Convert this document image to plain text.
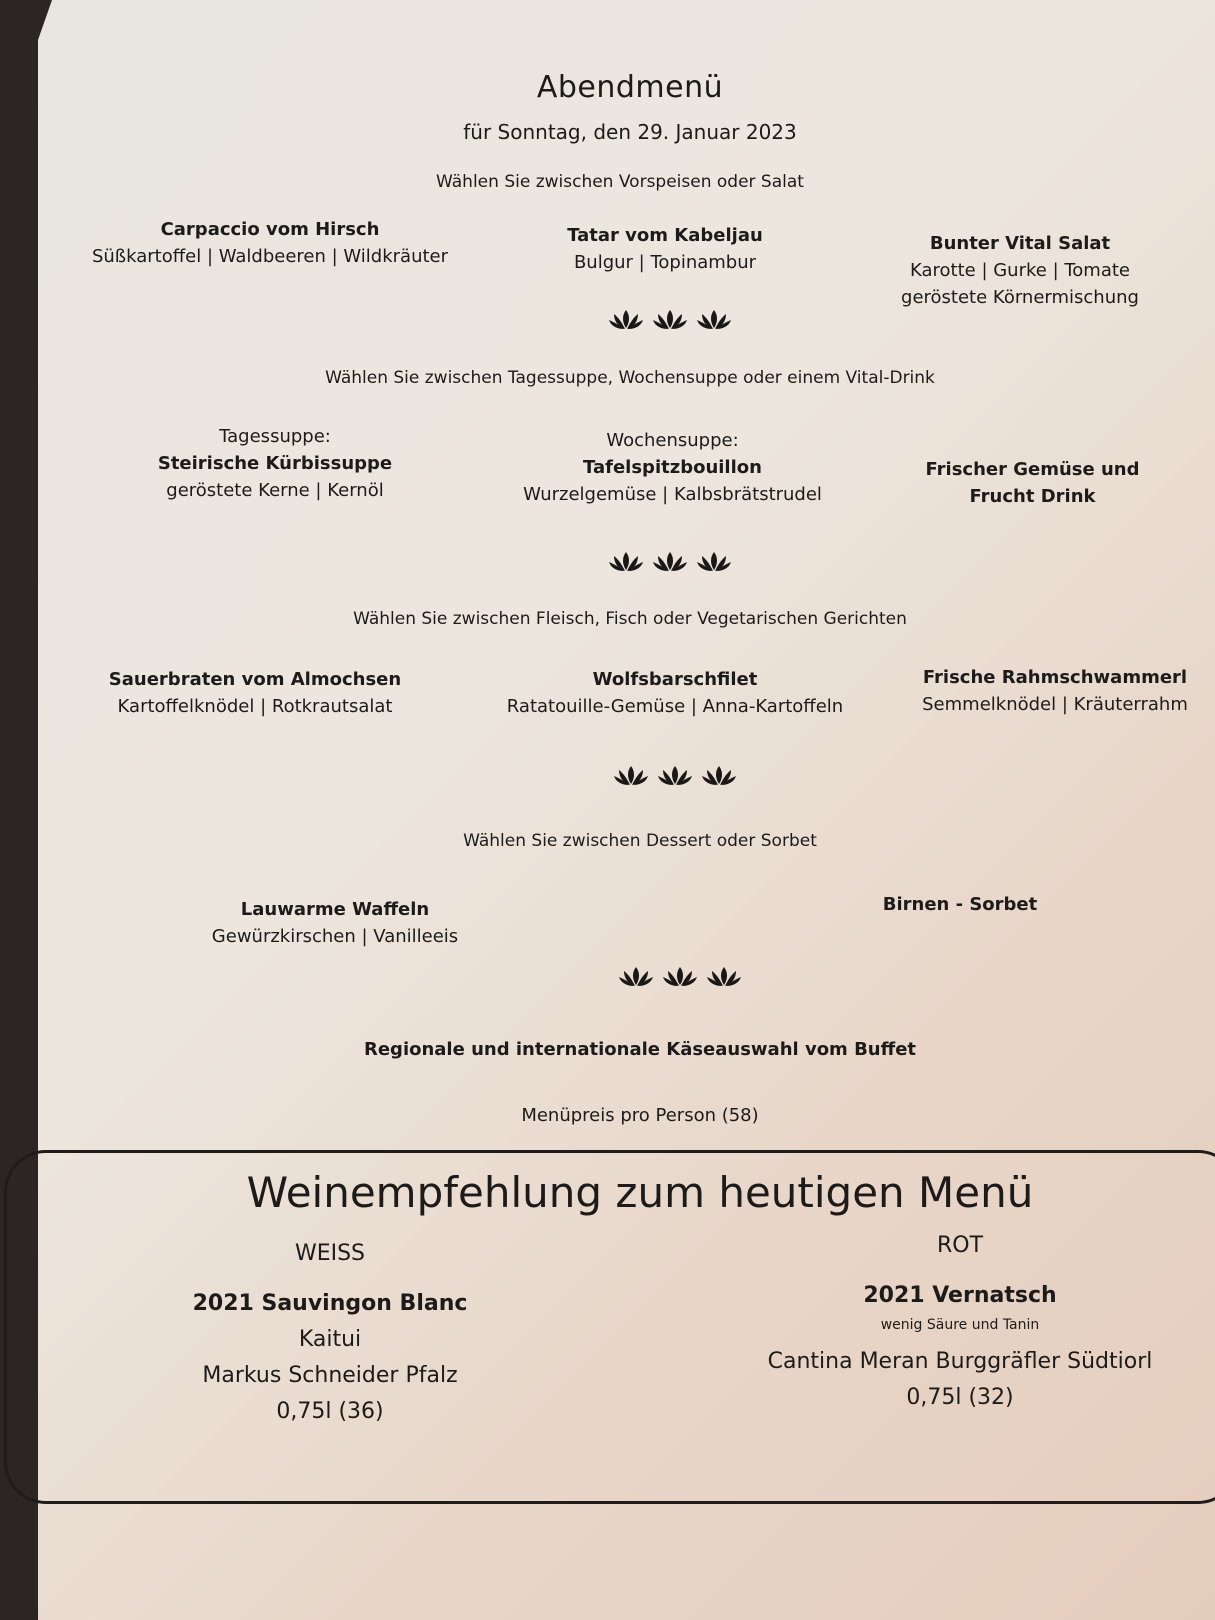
Abendmenü
für Sonntag, den 29. Januar 2023
Wählen Sie zwischen Vorspeisen oder Salat
Carpaccio vom Hirsch
Süßkartoffel | Waldbeeren | Wildkräuter
Tatar vom Kabeljau
Bulgur | Topinambur
Bunter Vital Salat
Karotte | Gurke | Tomate
geröstete Körnermischung
Wählen Sie zwischen Tagessuppe, Wochensuppe oder einem Vital-Drink
Tagessuppe:
Steirische Kürbissuppe
geröstete Kerne | Kernöl
Wochensuppe:
Tafelspitzbouillon
Wurzelgemüse | Kalbsbrätstrudel
Frischer Gemüse und
Frucht Drink
Wählen Sie zwischen Fleisch, Fisch oder Vegetarischen Gerichten
Sauerbraten vom Almochsen
Kartoffelknödel | Rotkrautsalat
Wolfsbarschfilet
Ratatouille-Gemüse | Anna-Kartoffeln
Frische Rahmschwammerl
Semmelknödel | Kräuterrahm
Wählen Sie zwischen Dessert oder Sorbet
Lauwarme Waffeln
Gewürzkirschen | Vanilleeis
Birnen - Sorbet
Regionale und internationale Käseauswahl vom Buffet
Menüpreis pro Person (58)
Weinempfehlung zum heutigen Menü
WEISS
2021 Sauvingon Blanc
Kaitui
Markus Schneider Pfalz
0,75l (36)
ROT
2021 Vernatsch
wenig Säure und Tanin
Cantina Meran Burggräfler Südtiorl
0,75l (32)
